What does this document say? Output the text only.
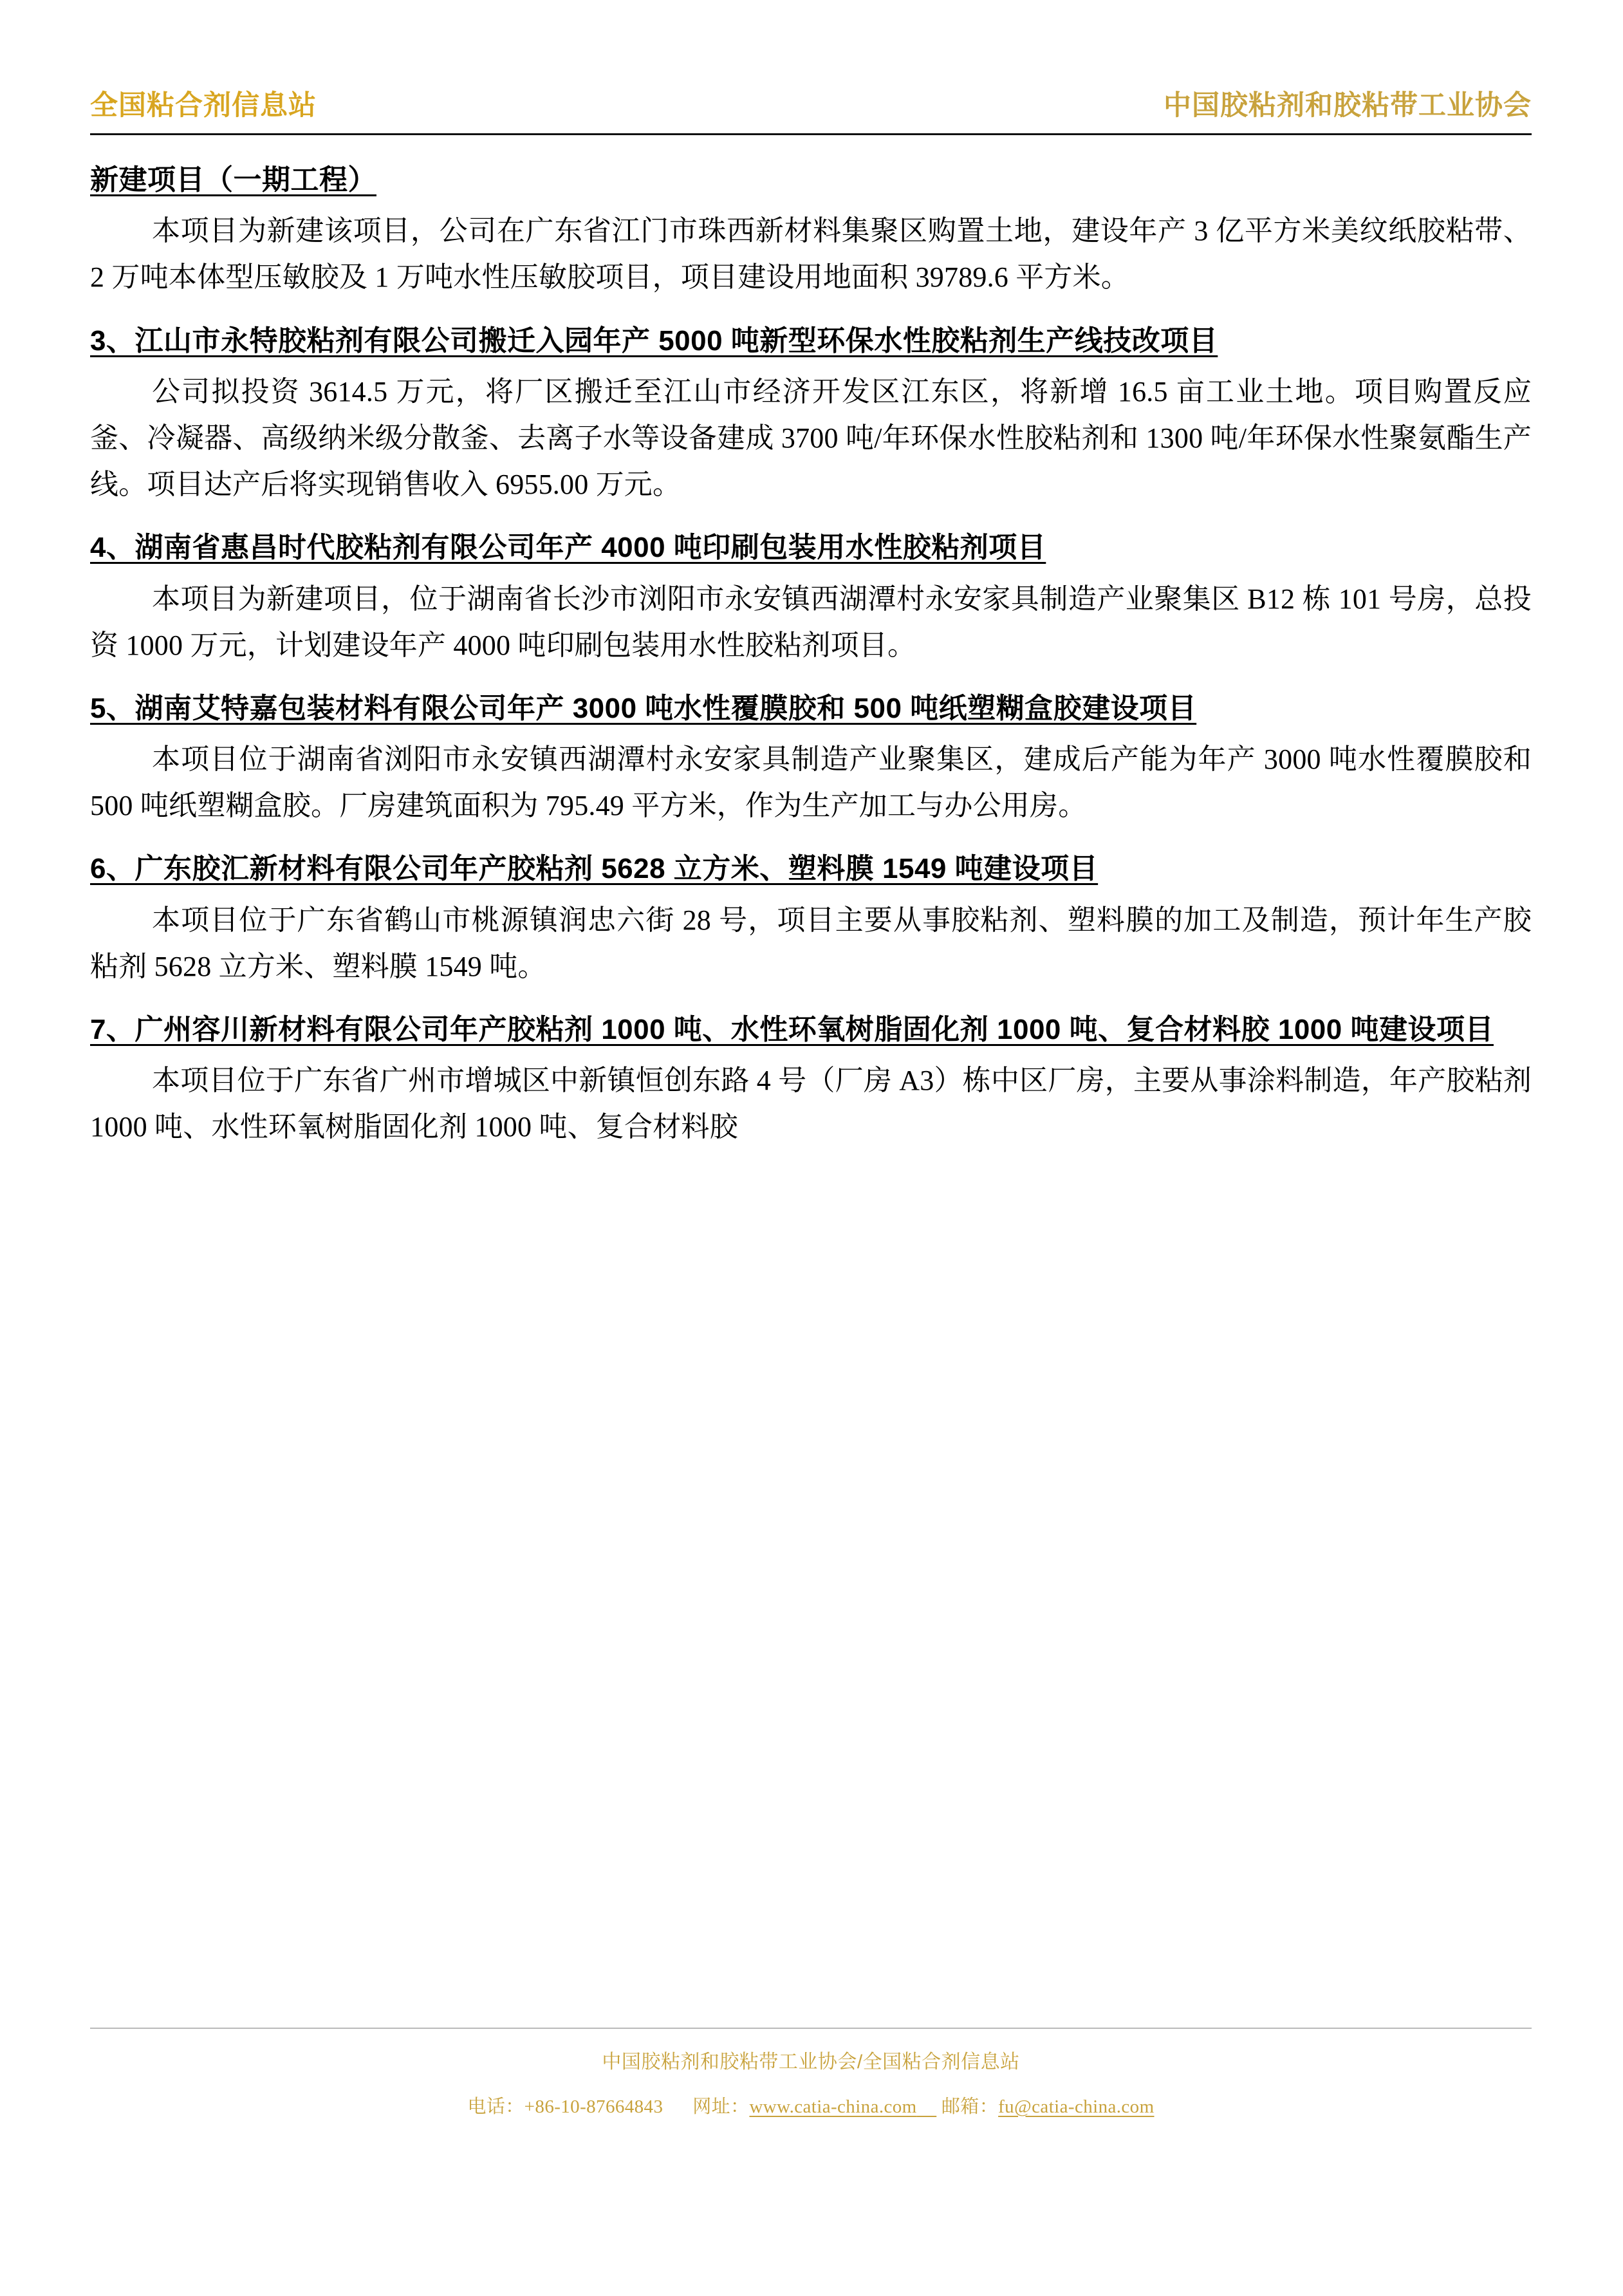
全国粘合剂信息站	中国胶粘剂和胶粘带工业协会
新建项目（一期工程）
本项目为新建该项目，公司在广东省江门市珠西新材料集聚区购置土地，建设年产 3 亿平方米美纹纸胶粘带、2 万吨本体型压敏胶及 1 万吨水性压敏胶项目，项目建设用地面积 39789.6 平方米。
3、江山市永特胶粘剂有限公司搬迁入园年产 5000 吨新型环保水性胶粘剂生产线技改项目
公司拟投资 3614.5 万元，将厂区搬迁至江山市经济开发区江东区，将新增 16.5 亩工业土地。项目购置反应釜、冷凝器、高级纳米级分散釜、去离子水等设备建成 3700 吨/年环保水性胶粘剂和 1300 吨/年环保水性聚氨酯生产线。项目达产后将实现销售收入 6955.00 万元。
4、湖南省惠昌时代胶粘剂有限公司年产 4000 吨印刷包装用水性胶粘剂项目
本项目为新建项目，位于湖南省长沙市浏阳市永安镇西湖潭村永安家具制造产业聚集区 B12 栋 101 号房，总投资 1000 万元，计划建设年产 4000 吨印刷包装用水性胶粘剂项目。
5、湖南艾特嘉包装材料有限公司年产 3000 吨水性覆膜胶和 500 吨纸塑糊盒胶建设项目
本项目位于湖南省浏阳市永安镇西湖潭村永安家具制造产业聚集区，建成后产能为年产 3000 吨水性覆膜胶和 500 吨纸塑糊盒胶。厂房建筑面积为 795.49 平方米，作为生产加工与办公用房。
6、广东胶汇新材料有限公司年产胶粘剂 5628 立方米、塑料膜 1549 吨建设项目
本项目位于广东省鹤山市桃源镇润忠六街 28 号，项目主要从事胶粘剂、塑料膜的加工及制造，预计年生产胶粘剂 5628 立方米、塑料膜 1549 吨。
7、广州容川新材料有限公司年产胶粘剂 1000 吨、水性环氧树脂固化剂 1000 吨、复合材料胶 1000 吨建设项目
本项目位于广东省广州市增城区中新镇恒创东路 4 号（厂房 A3）栋中区厂房，主要从事涂料制造，年产胶粘剂 1000 吨、水性环氧树脂固化剂 1000 吨、复合材料胶
中国胶粘剂和胶粘带工业协会/全国粘合剂信息站
电话： +86-10-87664843
网址： www.catia-china.com

邮箱： fu@catia-china.com
